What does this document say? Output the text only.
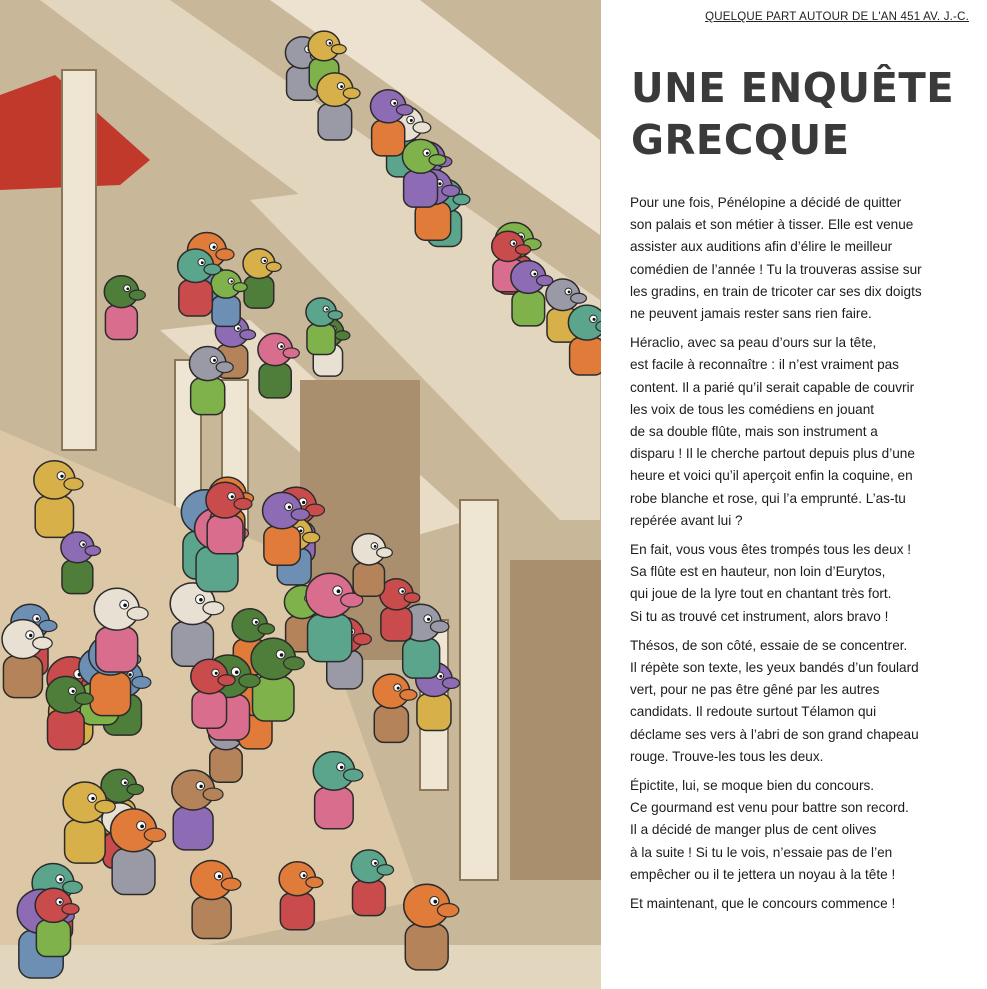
QUELQUE PART AUTOUR DE L'AN 451 AV. J.-C.
UNE ENQUÊTE
GRECQUE

Pour une fois, Pénélopine a décidé de quitter
son palais et son métier à tisser. Elle est venue
assister aux auditions afin d’élire le meilleur
comédien de l’année ! Tu la trouveras assise sur
les gradins, en train de tricoter car ses dix doigts
ne peuvent jamais rester sans rien faire.

Héraclio, avec sa peau d’ours sur la tête,
est facile à reconnaître : il n’est vraiment pas
content. Il a parié qu’il serait capable de couvrir
les voix de tous les comédiens en jouant
de sa double flûte, mais son instrument a
disparu ! Il le cherche partout depuis plus d’une
heure et voici qu’il aperçoit enfin la coquine, en
robe blanche et rose, qui l’a emprunté. L’as-tu
repérée avant lui ?

En fait, vous vous êtes trompés tous les deux !
Sa flûte est en hauteur, non loin d’Eurytos,
qui joue de la lyre tout en chantant très fort.
Si tu as trouvé cet instrument, alors bravo !

Thésos, de son côté, essaie de se concentrer.
Il répète son texte, les yeux bandés d’un foulard
vert, pour ne pas être gêné par les autres
candidats. Il redoute surtout Télamon qui
déclame ses vers à l’abri de son grand chapeau
rouge. Trouve-les tous les deux.

Épictite, lui, se moque bien du concours.
Ce gourmand est venu pour battre son record.
Il a décidé de manger plus de cent olives
à la suite ! Si tu le vois, n’essaie pas de l’en
empêcher ou il te jettera un noyau à la tête !

Et maintenant, que le concours commence !
